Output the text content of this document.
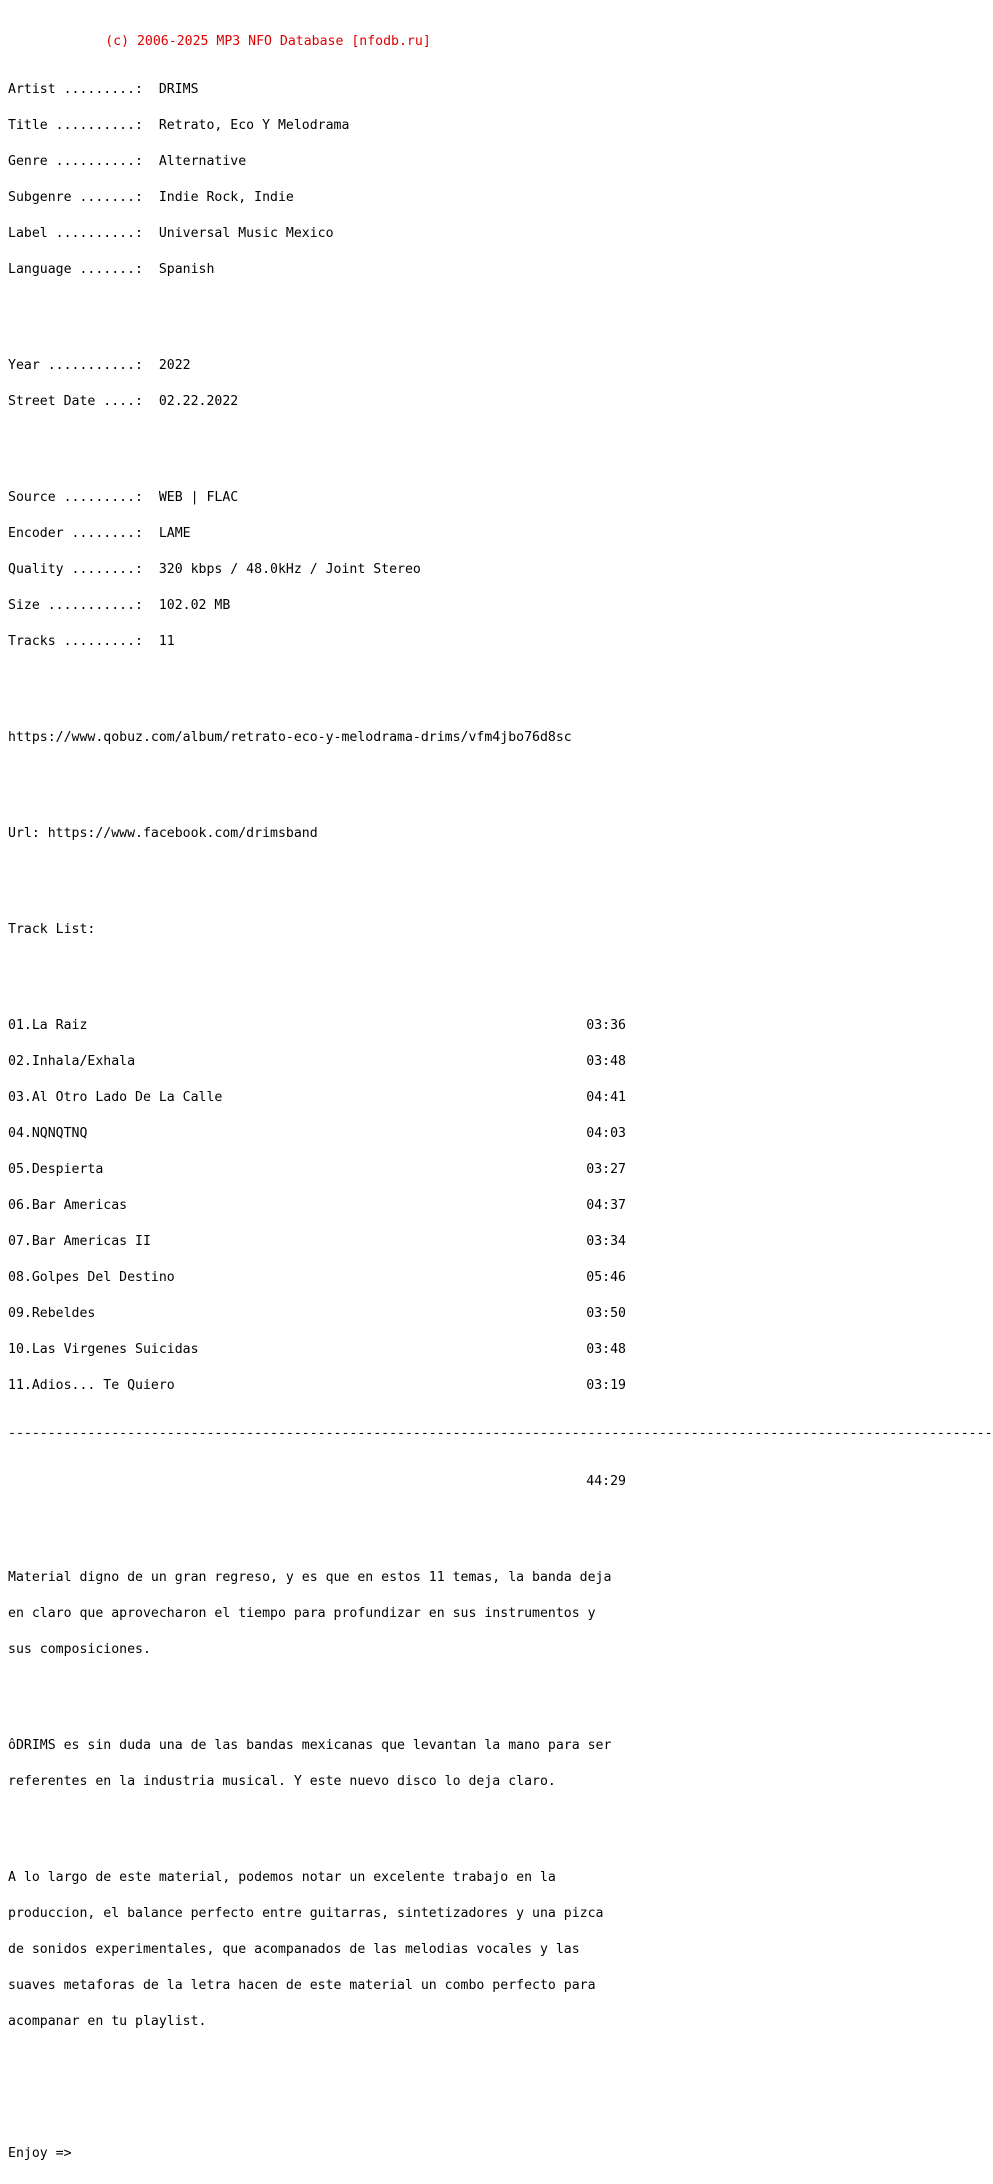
(c) 2006-2025 MP3 NFO Database [nfodb.ru]

Artist .........:  DRIMS

Title ..........:  Retrato, Eco Y Melodrama

Genre ..........:  Alternative

Subgenre .......:  Indie Rock, Indie

Label ..........:  Universal Music Mexico

Language .......:  Spanish

Year ...........:  2022

Street Date ....:  02.22.2022

Source .........:  WEB | FLAC

Encoder ........:  LAME

Quality ........:  320 kbps / 48.0kHz / Joint Stereo

Size ...........:  102.02 MB

Tracks .........:  11

https://www.qobuz.com/album/retrato-eco-y-melodrama-drims/vfm4jbo76d8sc

Url: https://www.facebook.com/drimsband

Track List:

01.La Raiz	03:36

02.Inhala/Exhala	03:48

03.Al Otro Lado De La Calle	04:41

04.NQNQTNQ	04:03

05.Despierta	03:27

06.Bar Americas	04:37

07.Bar Americas II	03:34

08.Golpes Del Destino	05:46

09.Rebeldes	03:50

10.Las Virgenes Suicidas	03:48

11.Adios... Te Quiero	03:19

----------------------------------------------------------------------------------------------------------------------------

44:29

Material digno de un gran regreso, y es que en estos 11 temas, la banda deja

en claro que aprovecharon el tiempo para profundizar en sus instrumentos y

sus composiciones.

ôDRIMS es sin duda una de las bandas mexicanas que levantan la mano para ser

referentes en la industria musical. Y este nuevo disco lo deja claro.

A lo largo de este material, podemos notar un excelente trabajo en la

produccion, el balance perfecto entre guitarras, sintetizadores y una pizca

de sonidos experimentales, que acompanados de las melodias vocales y las

suaves metaforas de la letra hacen de este material un combo perfecto para

acompanar en tu playlist.

Enjoy =>
